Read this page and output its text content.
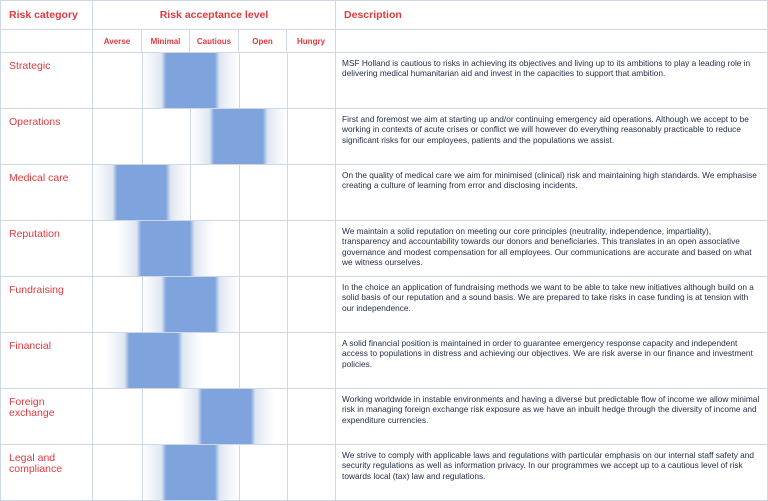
Risk category	Risk acceptance level					Description
	Averse	Minimal	Cautious	Open	Hungry	
Strategic						MSF Holland is cautious to risks in achieving its objectives and living up to its ambitions to play a leading role in delivering medical humanitarian aid and invest in the capacities to support that ambition.
Operations						First and foremost we aim at starting up and/or continuing emergency aid operations. Although we accept to be working in contexts of acute crises or conflict we will however do everything reasonably practicable to reduce significant risks for our employees, patients and the populations we assist.
Medical care						On the quality of medical care we aim for minimised (clinical) risk and maintaining high standards. We emphasise creating a culture of learning from error and disclosing incidents.
Reputation						We maintain a solid reputation on meeting our core principles (neutrality, independence, impartiality), transparency and accountability towards our donors and beneficiaries. This translates in an open associative governance and modest compensation for all employees. Our communications are accurate and based on what we witness ourselves.
Fundraising						In the choice an application of fundraising methods we want to be able to take new initiatives although build on a solid basis of our reputation and a sound basis. We are prepared to take risks in case funding is at tension with our independence.
Financial						A solid financial position is maintained in order to guarantee emergency response capacity and independent access to populations in distress and achieving our objectives. We are risk averse in our finance and investment policies.
Foreign exchange						Working worldwide in instable environments and having a diverse but predictable flow of income we allow minimal risk in managing foreign exchange risk exposure as we have an inbuilt hedge through the diversity of income and expenditure currencies.
Legal and compliance						We strive to comply with applicable laws and regulations with particular emphasis on our internal staff safety and security regulations as well as information privacy. In our programmes we accept up to a cautious level of risk towards local (tax) law and regulations.
